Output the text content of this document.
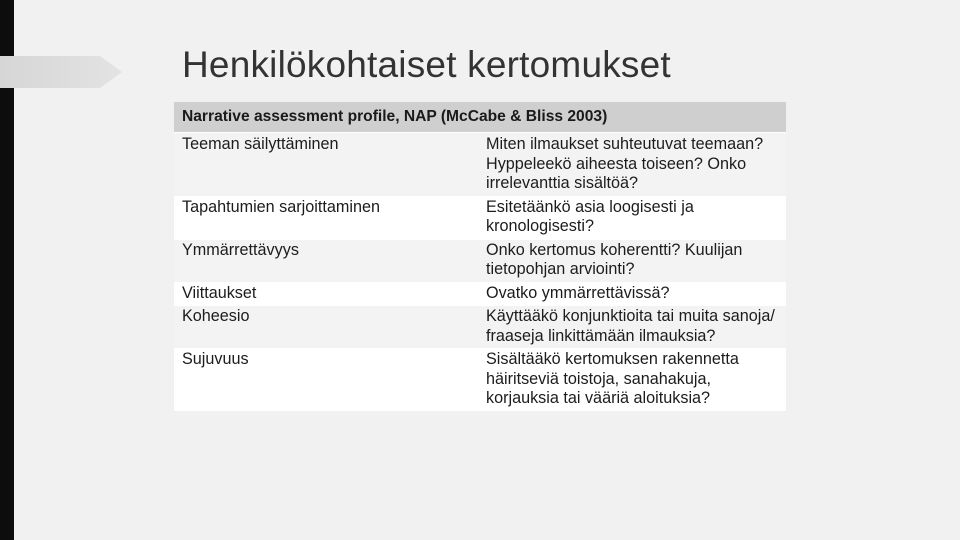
Henkilökohtaiset kertomukset
Narrative assessment profile, NAP (McCabe & Bliss 2003)	
Teeman säilyttäminen	Miten ilmaukset suhteutuvat teemaan? Hyppeleekö aiheesta toiseen? Onko irrelevanttia sisältöä?
Tapahtumien sarjoittaminen	Esitetäänkö asia loogisesti ja kronologisesti?
Ymmärrettävyys	Onko kertomus koherentti? Kuulijan tietopohjan arviointi?
Viittaukset	Ovatko ymmärrettävissä?
Koheesio	Käyttääkö konjunktioita tai muita sanoja/ fraaseja linkittämään ilmauksia?
Sujuvuus	Sisältääkö kertomuksen rakennetta häiritseviä toistoja, sanahakuja, korjauksia tai vääriä aloituksia?
